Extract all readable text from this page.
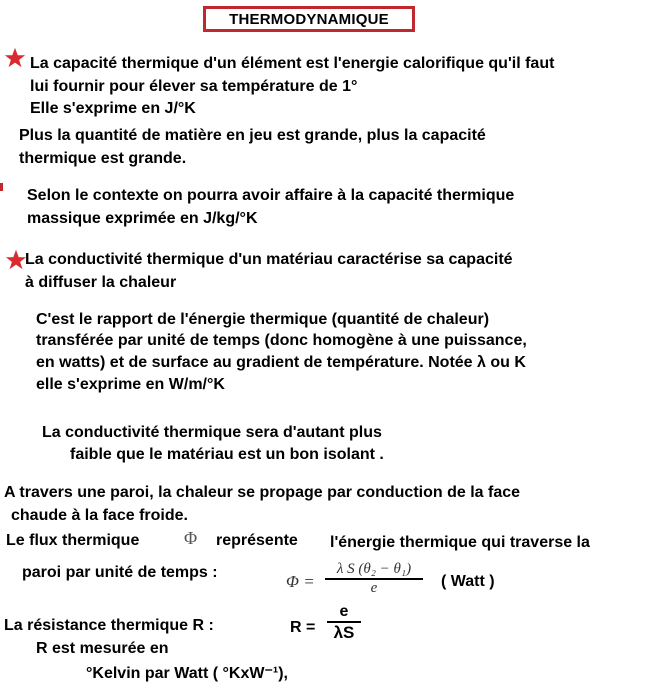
THERMODYNAMIQUE
La capacité thermique d'un élément est l'energie calorifique qu'il faut
lui fournir pour élever sa température de 1°
Elle s'exprime en J/°K
Plus la quantité de matière en jeu est grande, plus la capacité
thermique est grande.
Selon le contexte on pourra avoir affaire à la capacité thermique
massique exprimée en J/kg/°K
La conductivité thermique d'un matériau caractérise sa capacité
à diffuser la chaleur
C'est le rapport de l'énergie thermique (quantité de chaleur)
transférée par unité de temps (donc homogène à une puissance,
en watts) et de surface au gradient de température. Notée λ ou K
elle s'exprime en W/m/°K
La conductivité thermique sera d'autant plus
faible que le matériau est un bon isolant .
A travers une paroi, la chaleur se propage par conduction de la face
chaude à la face froide.
Le flux thermique Φ représente l'énergie thermique qui traverse la
paroi par unité de temps :	Φ =
λ S (θ₂ − θ₁)
e	( Watt )
La résistance thermique R :	R =
e
λS
R est mesurée en
°Kelvin par Watt ( °KxW⁻¹),
